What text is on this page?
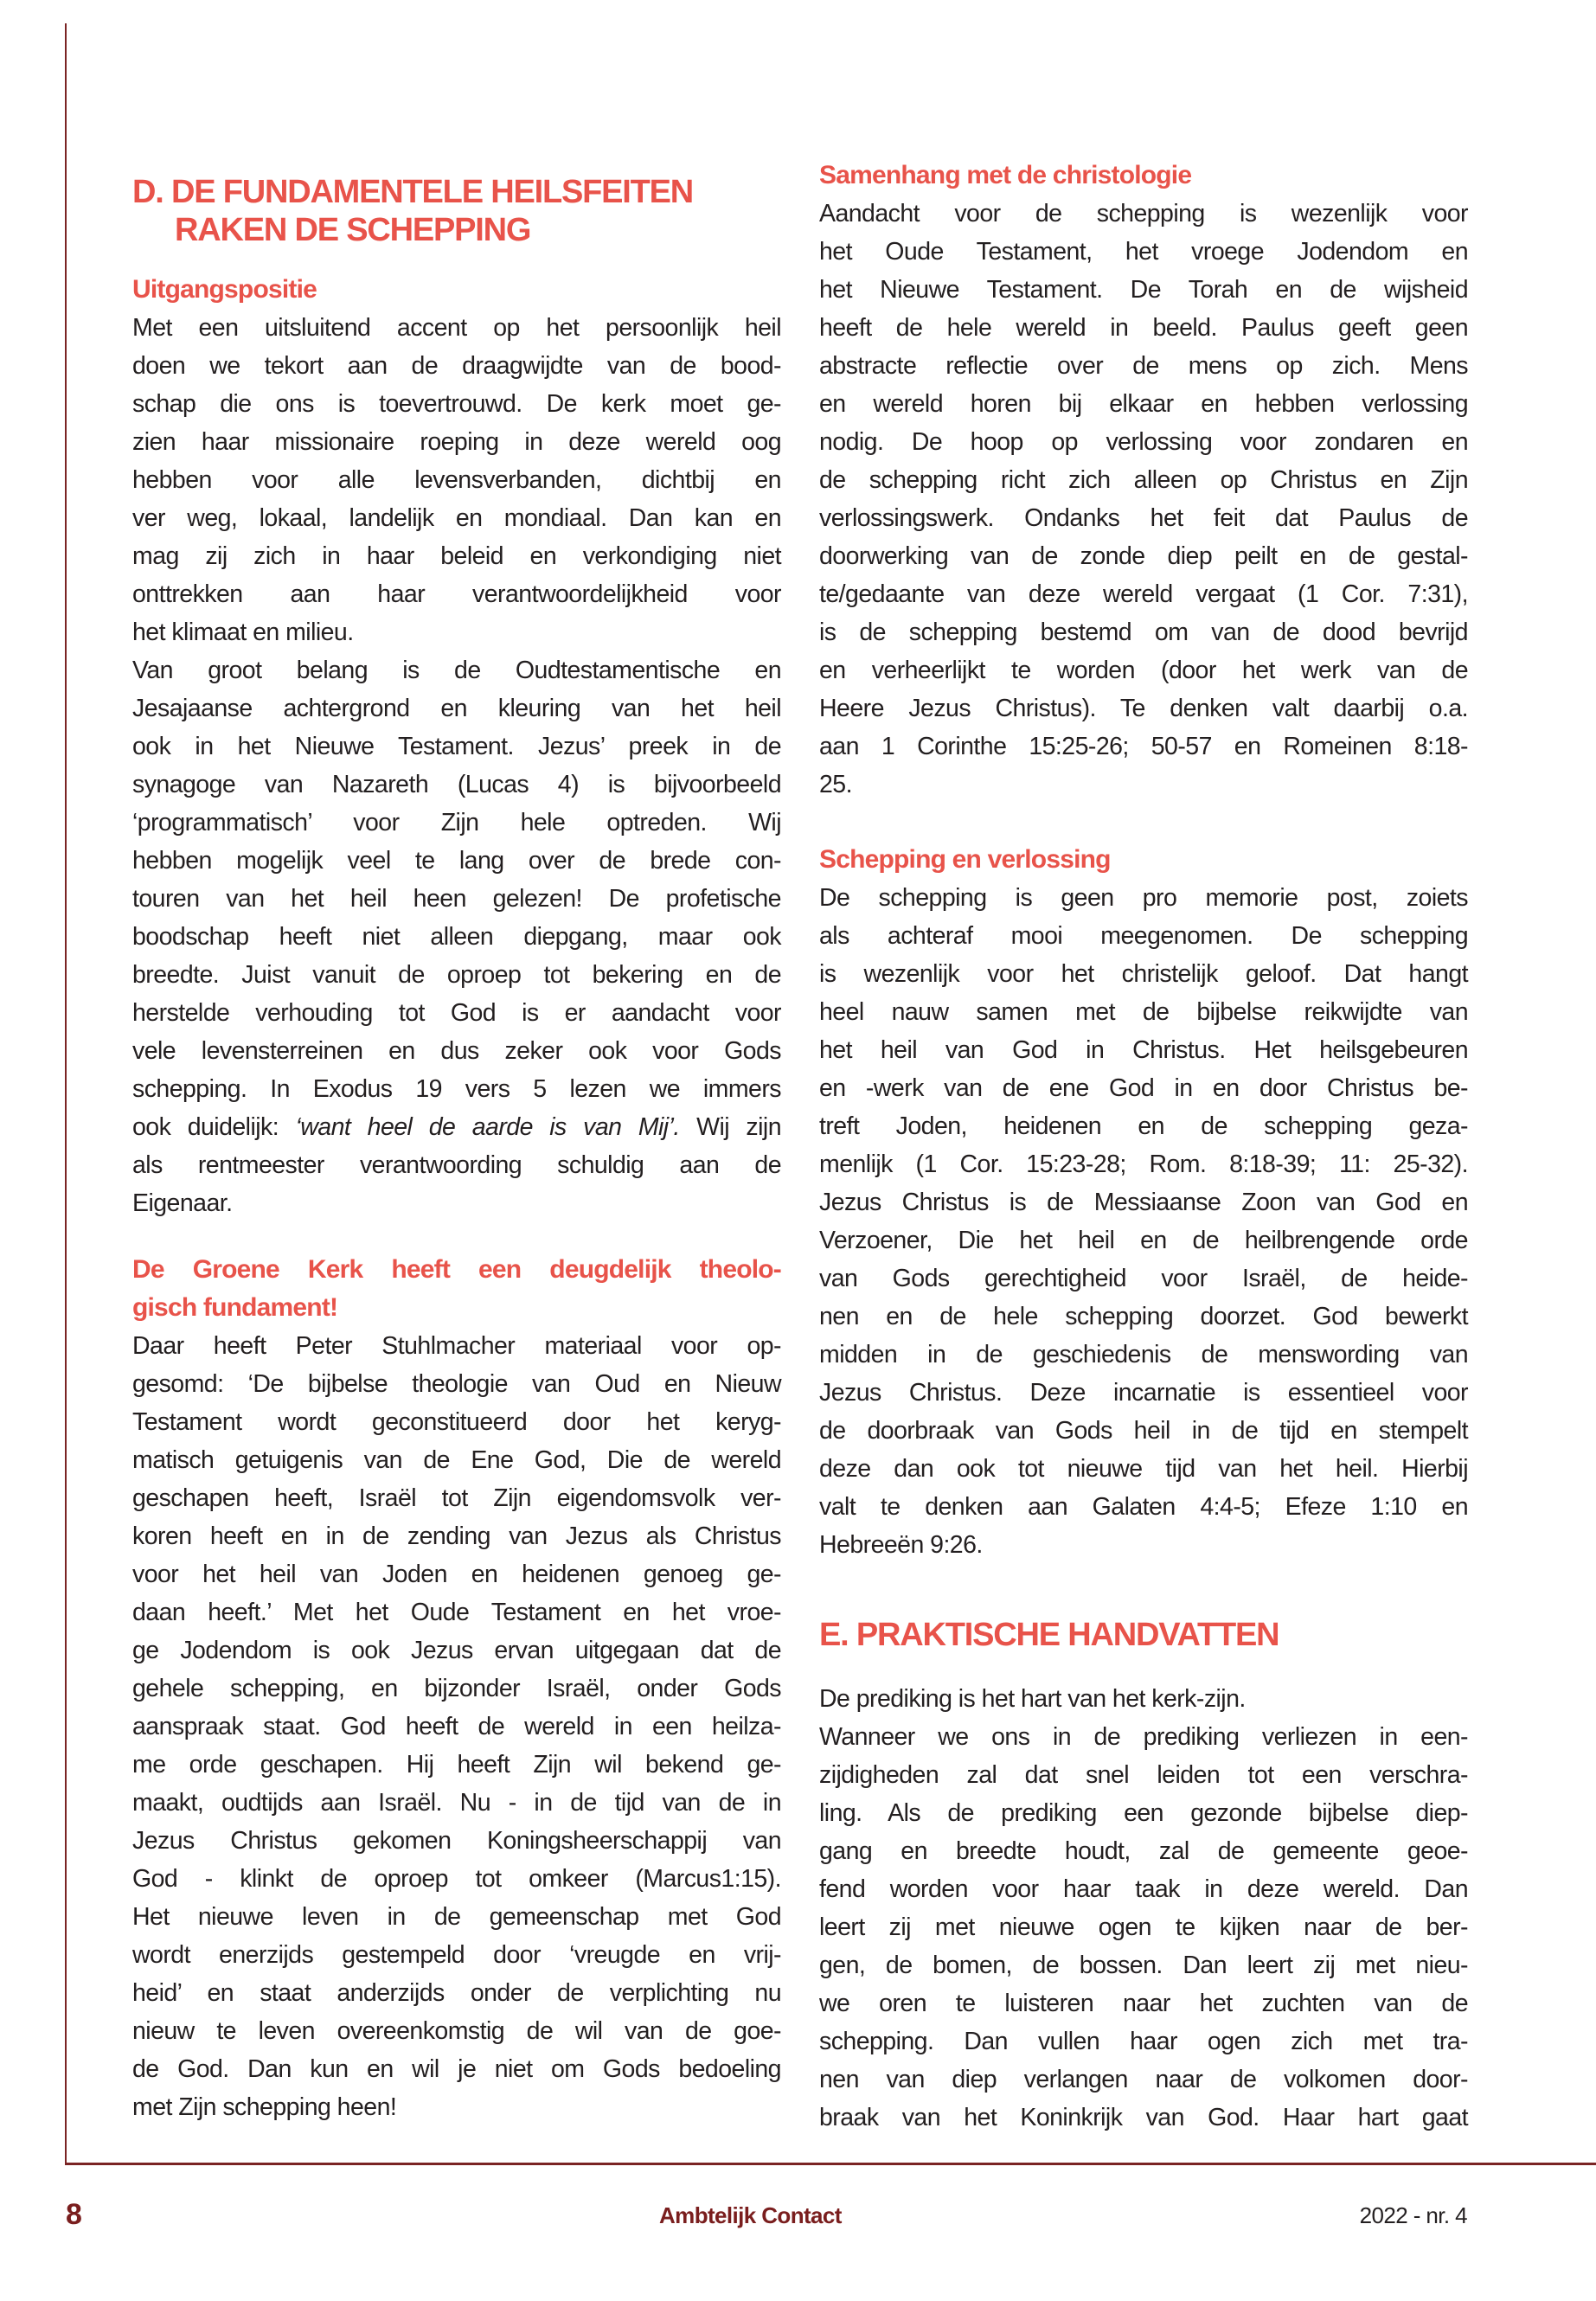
D. DE FUNDAMENTELE HEILSFEITEN
RAKEN DE SCHEPPING
Uitgangspositie
Met een uitsluitend accent op het persoonlijk heil
doen we tekort aan de draagwijdte van de bood-
schap die ons is toevertrouwd. De kerk moet ge-
zien haar missionaire roeping in deze wereld oog
hebben voor alle levensverbanden, dichtbij en
ver weg, lokaal, landelijk en mondiaal. Dan kan en
mag zij zich in haar beleid en verkondiging niet
onttrekken aan haar verantwoordelijkheid voor
het klimaat en milieu.
Van groot belang is de Oudtestamentische en
Jesajaanse achtergrond en kleuring van het heil
ook in het Nieuwe Testament. Jezus’ preek in de
synagoge van Nazareth (Lucas 4) is bijvoorbeeld
‘programmatisch’ voor Zijn hele optreden. Wij
hebben mogelijk veel te lang over de brede con-
touren van het heil heen gelezen! De profetische
boodschap heeft niet alleen diepgang, maar ook
breedte. Juist vanuit de oproep tot bekering en de
herstelde verhouding tot God is er aandacht voor
vele levensterreinen en dus zeker ook voor Gods
schepping. In Exodus 19 vers 5 lezen we immers
ook duidelijk: ‘want heel de aarde is van Mij’. Wij zijn
als rentmeester verantwoording schuldig aan de
Eigenaar.
De Groene Kerk heeft een deugdelijk theolo-
gisch fundament!
Daar heeft Peter Stuhlmacher materiaal voor op-
gesomd: ‘De bijbelse theologie van Oud en Nieuw
Testament wordt geconstitueerd door het keryg-
matisch getuigenis van de Ene God, Die de wereld
geschapen heeft, Israël tot Zijn eigendomsvolk ver-
koren heeft en in de zending van Jezus als Christus
voor het heil van Joden en heidenen genoeg ge-
daan heeft.’ Met het Oude Testament en het vroe-
ge Jodendom is ook Jezus ervan uitgegaan dat de
gehele schepping, en bijzonder Israël, onder Gods
aanspraak staat. God heeft de wereld in een heilza-
me orde geschapen. Hij heeft Zijn wil bekend ge-
maakt, oudtijds aan Israël. Nu - in de tijd van de in
Jezus Christus gekomen Koningsheerschappij van
God - klinkt de oproep tot omkeer (Marcus1:15).
Het nieuwe leven in de gemeenschap met God
wordt enerzijds gestempeld door ‘vreugde en vrij-
heid’ en staat anderzijds onder de verplichting nu
nieuw te leven overeenkomstig de wil van de goe-
de God. Dan kun en wil je niet om Gods bedoeling
met Zijn schepping heen!
Samenhang met de christologie
Aandacht voor de schepping is wezenlijk voor
het Oude Testament, het vroege Jodendom en
het Nieuwe Testament. De Torah en de wijsheid
heeft de hele wereld in beeld. Paulus geeft geen
abstracte reflectie over de mens op zich. Mens
en wereld horen bij elkaar en hebben verlossing
nodig. De hoop op verlossing voor zondaren en
de schepping richt zich alleen op Christus en Zijn
verlossingswerk. Ondanks het feit dat Paulus de
doorwerking van de zonde diep peilt en de gestal-
te/gedaante van deze wereld vergaat (1 Cor. 7:31),
is de schepping bestemd om van de dood bevrijd
en verheerlijkt te worden (door het werk van de
Heere Jezus Christus). Te denken valt daarbij o.a.
aan 1 Corinthe 15:25-26; 50-57 en Romeinen 8:18-
25.
Schepping en verlossing
De schepping is geen pro memorie post, zoiets
als achteraf mooi meegenomen. De schepping
is wezenlijk voor het christelijk geloof. Dat hangt
heel nauw samen met de bijbelse reikwijdte van
het heil van God in Christus. Het heilsgebeuren
en -werk van de ene God in en door Christus be-
treft Joden, heidenen en de schepping geza-
menlijk (1 Cor. 15:23-28; Rom. 8:18-39; 11: 25-32).
Jezus Christus is de Messiaanse Zoon van God en
Verzoener, Die het heil en de heilbrengende orde
van Gods gerechtigheid voor Israël, de heide-
nen en de hele schepping doorzet. God bewerkt
midden in de geschiedenis de menswording van
Jezus Christus. Deze incarnatie is essentieel voor
de doorbraak van Gods heil in de tijd en stempelt
deze dan ook tot nieuwe tijd van het heil. Hierbij
valt te denken aan Galaten 4:4-5; Efeze 1:10 en
Hebreeën 9:26.
E. PRAKTISCHE HANDVATTEN
De prediking is het hart van het kerk-zijn.
Wanneer we ons in de prediking verliezen in een-
zijdigheden zal dat snel leiden tot een verschra-
ling. Als de prediking een gezonde bijbelse diep-
gang en breedte houdt, zal de gemeente geoe-
fend worden voor haar taak in deze wereld. Dan
leert zij met nieuwe ogen te kijken naar de ber-
gen, de bomen, de bossen. Dan leert zij met nieu-
we oren te luisteren naar het zuchten van de
schepping. Dan vullen haar ogen zich met tra-
nen van diep verlangen naar de volkomen door-
braak van het Koninkrijk van God. Haar hart gaat
8	Ambtelijk Contact	2022 - nr. 4
